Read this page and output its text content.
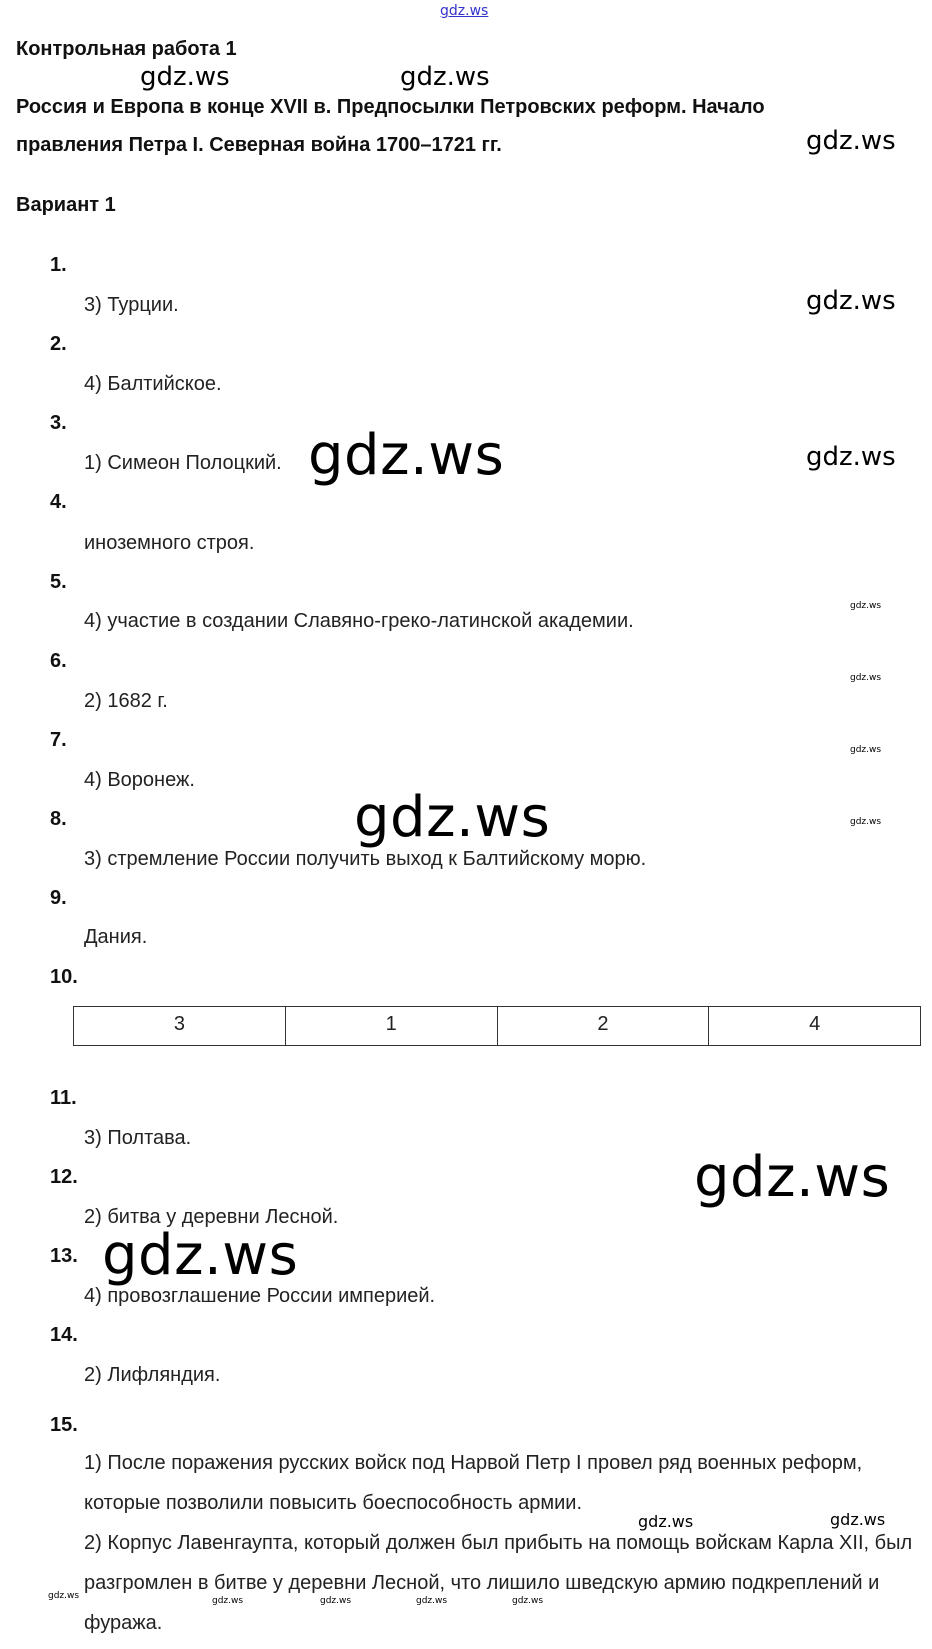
gdz.ws
gdz.ws	gdz.ws
gdz.ws
gdz.ws
gdz.ws
gdz.ws
gdz.ws
gdz.ws
gdz.ws
gdz.ws
gdz.ws
gdz.ws
gdz.ws
gdz.ws	gdz.ws
gdz.ws	gdz.ws	gdz.ws	gdz.ws	gdz.ws
Контрольная работа 1
Россия и Европа в конце XVII в. Предпосылки Петровских реформ. Начало
правления Петра I. Северная война 1700–1721 гг.
Вариант 1
1.
3) Турции.
2.
4) Балтийское.
3.
1) Симеон Полоцкий.
4.
иноземного строя.
5.
4) участие в создании Славяно-греко-латинской академии.
6.
2) 1682 г.
7.
4) Воронеж.
8.
3) стремление России получить выход к Балтийскому морю.
9.
Дания.
10.
3	1	2	4
11.
3) Полтава.
12.
2) битва у деревни Лесной.
13.
4) провозглашение России империей.
14.
2) Лифляндия.
15.

1) После поражения русских войск под Нарвой Петр I провел ряд военных реформ, которые позволили повысить боеспособность армии.

2) Корпус Лавенгаупта, который должен был прибыть на помощь войскам Карла XII, был разгромлен в битве у деревни Лесной, что лишило шведскую армию подкреплений и фуража.
